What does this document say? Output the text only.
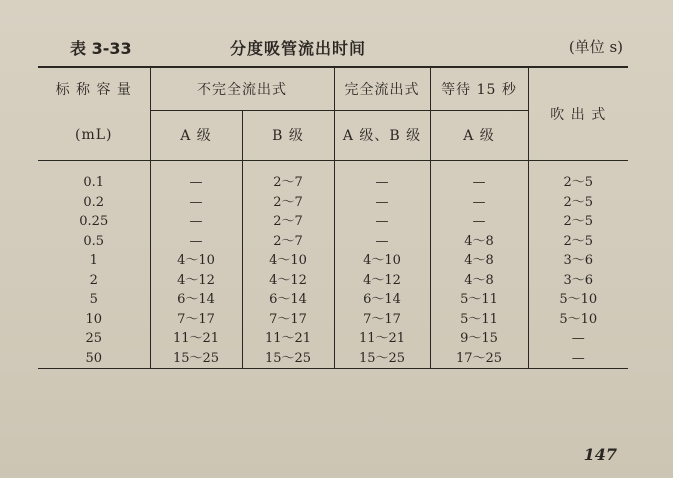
表 3-33	分度吸管流出时间	(单位 s)
标 称 容 量	不完全流出式		完全流出式	等待 15 秒	吹 出 式
(mL)	A 级	B 级	A 级、B 级	A 级	
0.1	—	2～7	—	—	2～5
0.2	—	2～7	—	—	2～5
0.25	—	2～7	—	—	2～5
0.5	—	2～7	—	4～8	2～5
1	4～10	4～10	4～10	4～8	3～6
2	4～12	4～12	4～12	4～8	3～6
5	6～14	6～14	6～14	5～11	5～10
10	7～17	7～17	7～17	5～11	5～10
25	11～21	11～21	11～21	9～15	—
50	15～25	15～25	15～25	17～25	—
147
